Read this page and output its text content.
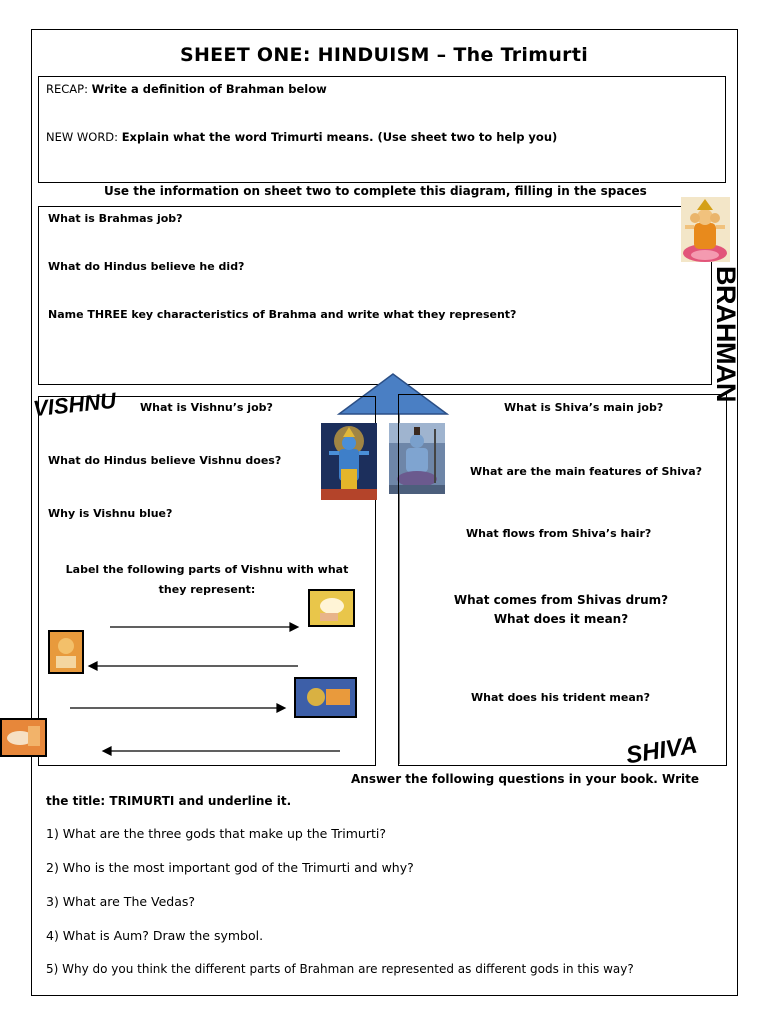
SHEET ONE: HINDUISM – The Trimurti
RECAP: Write a definition of Brahman below
NEW WORD: Explain what the word Trimurti means. (Use sheet two to help you)
Use the information on sheet two to complete this diagram, filling in the spaces
What is Brahmas job?
What do Hindus believe he did?
Name THREE key characteristics of Brahma and write what they represent?	BRAHMAN
VISHNU What is Vishnu’s job?
What do Hindus believe Vishnu does?
Why is Vishnu blue?
Label the following parts of Vishnu with what
they represent:
What is Shiva’s main job?
What are the main features of Shiva?
What flows from Shiva’s hair?
What comes from Shivas drum?
What does it mean?
What does his trident mean?
SHIVA
Answer the following questions in your book. Write
the title: TRIMURTI and underline it.
1) What are the three gods that make up the Trimurti?
2) Who is the most important god of the Trimurti and why?
3) What are The Vedas?
4) What is Aum? Draw the symbol.
5) Why do you think the different parts of Brahman are represented as different gods in this way?
